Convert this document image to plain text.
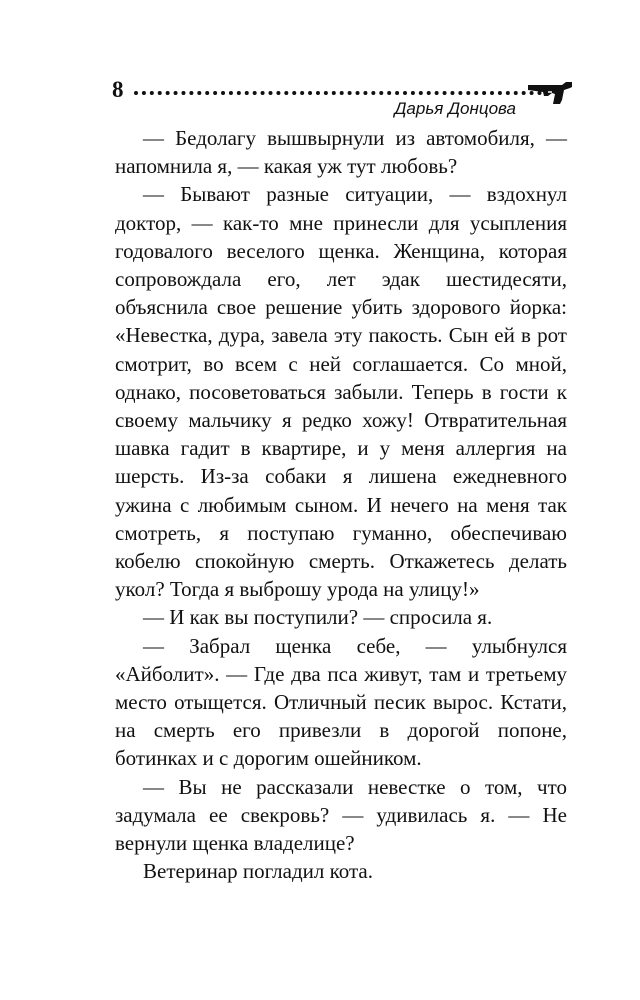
8
Дарья Донцова

— Бедолагу вышвырнули из автомобиля, — напомнила я, — какая уж тут любовь?

— Бывают разные ситуации, — вздохнул доктор, — как-то мне принесли для усыпления годовалого веселого щенка. Женщина, которая сопровождала его, лет эдак шестидесяти, объяснила свое решение убить здорового йорка: «Невестка, дура, завела эту пакость. Сын ей в рот смотрит, во всем с ней соглашается. Со мной, однако, посоветоваться забыли. Теперь в гости к своему мальчику я редко хожу! Отвратительная шавка гадит в квартире, и у меня аллергия на шерсть. Из-за собаки я лишена ежедневного ужина с любимым сыном. И нечего на меня так смотреть, я поступаю гуманно, обеспечиваю кобелю спокойную смерть. Откажетесь делать укол? Тогда я выброшу урода на улицу!»

— И как вы поступили? — спросила я.

— Забрал щенка себе, — улыбнулся «Айболит». — Где два пса живут, там и третьему место отыщется. Отличный песик вырос. Кстати, на смерть его привезли в дорогой попоне, ботинках и с дорогим ошейником.

— Вы не рассказали невестке о том, что задумала ее свекровь? — удивилась я. — Не вернули щенка владелице?

Ветеринар погладил кота.
